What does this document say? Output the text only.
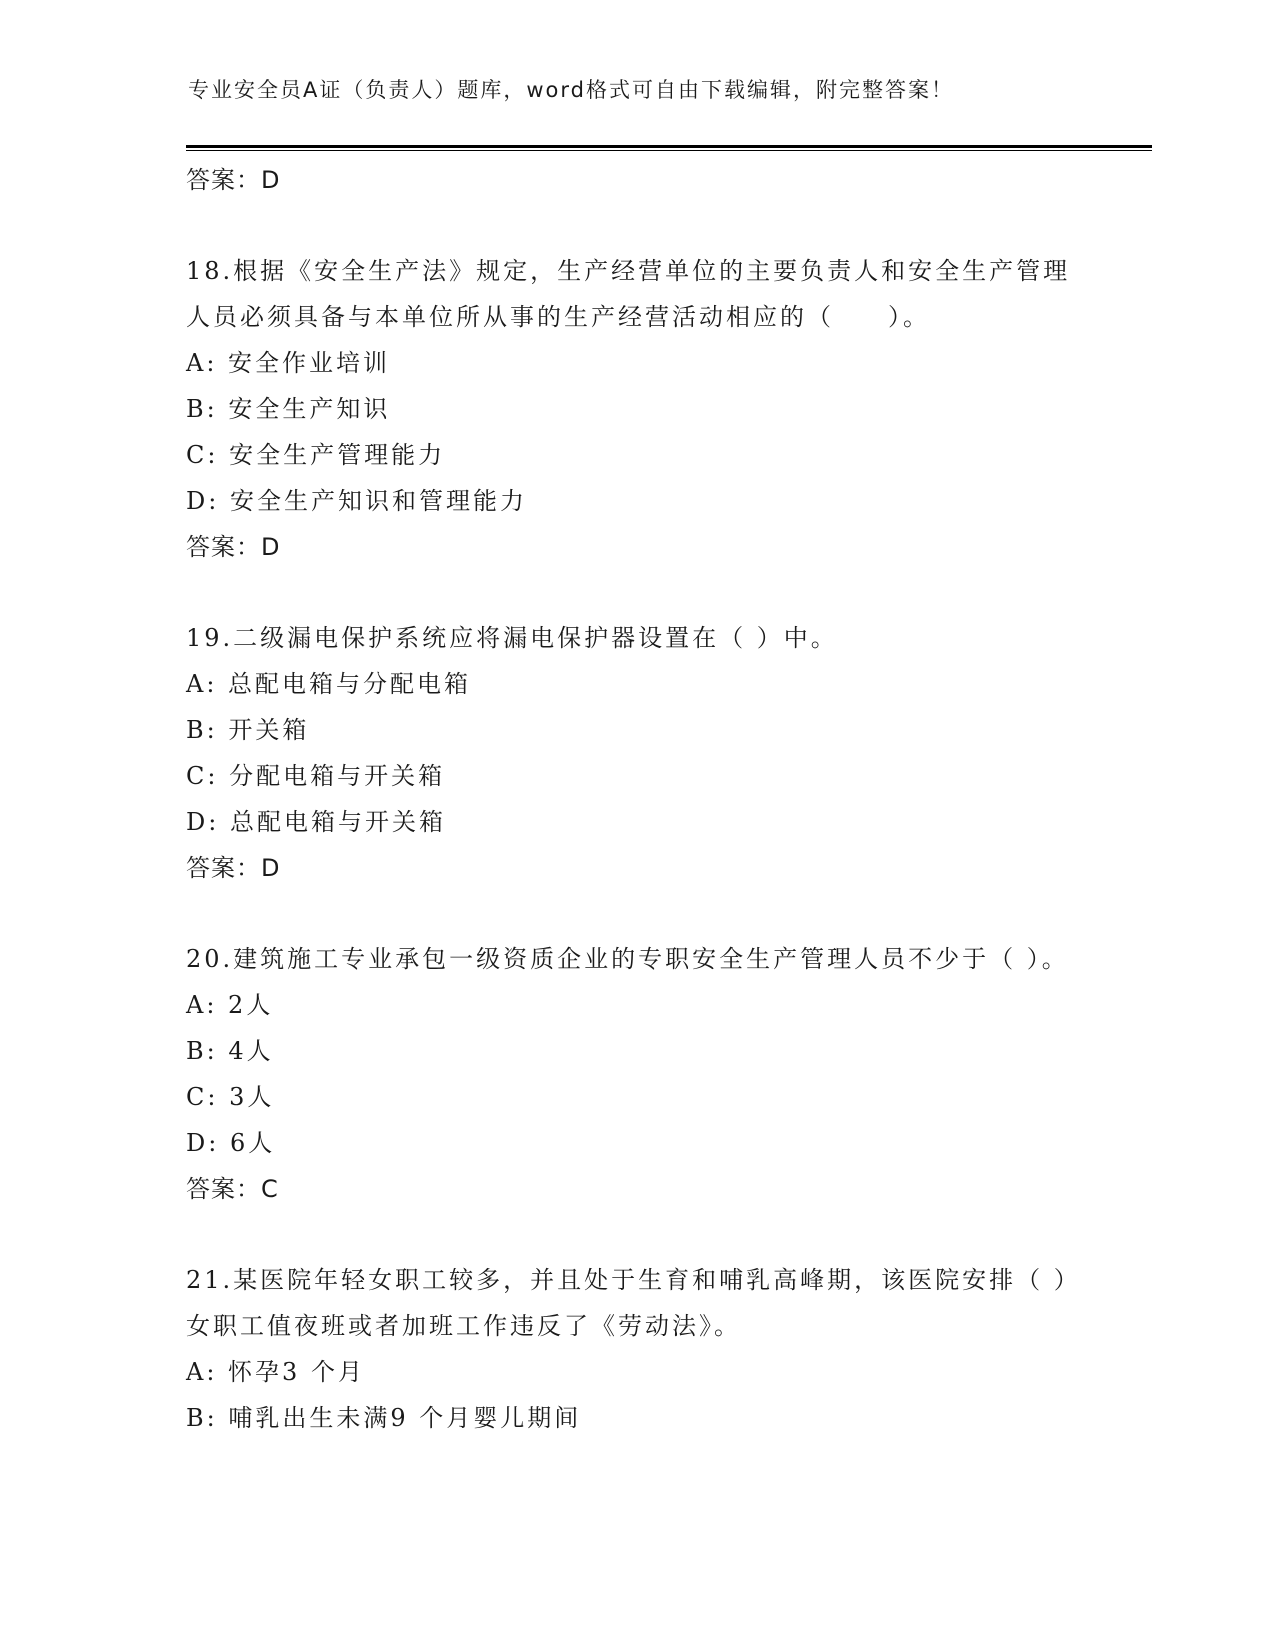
专业安全员A证（负责人）题库，word格式可自由下载编辑，附完整答案！
答案：D

18.根据《安全生产法》规定，生产经营单位的主要负责人和安全生产管理人员必须具备与本单位所从事的生产经营活动相应的（　　）。

A: 安全作业培训
B: 安全生产知识
C: 安全生产管理能力
D: 安全生产知识和管理能力
答案：D

19.二级漏电保护系统应将漏电保护器设置在（ ）中。

A: 总配电箱与分配电箱
B: 开关箱
C: 分配电箱与开关箱
D: 总配电箱与开关箱
答案：D

20.建筑施工专业承包一级资质企业的专职安全生产管理人员不少于（ ）。

A: 2人
B: 4人
C: 3人
D: 6人
答案：C

21.某医院年轻女职工较多，并且处于生育和哺乳高峰期，该医院安排（ ）女职工值夜班或者加班工作违反了《劳动法》。

A: 怀孕3 个月
B: 哺乳出生未满9 个月婴儿期间
